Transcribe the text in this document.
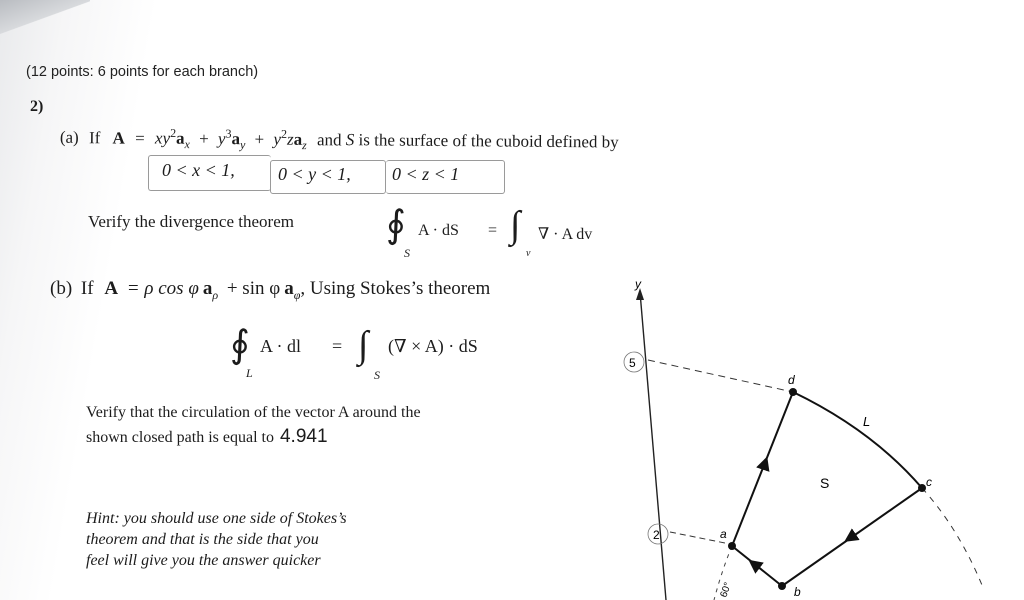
(12 points: 6 points for each branch)
2)
(a) If $A = xy^2a_x + y^3a_y + y^2za_z$ and S is the surface of the cuboid defined by
0 < x < 1, 0 < y < 1, 0 < z < 1
Verify the divergence theorem ∮
S
A · dS = ∫
v
∇ · A dv
(b) If A = ρ cos φ $a_\rho + \sin \varphi$ $a_\varphi$, Using Stokes’s theorem
∮
L
A · dl = ∫
S
(∇ × A) · dS
Verify that the circulation of the vector A around the
shown closed path is equal to 4.941
Hint: you should use one side of Stokes’s
theorem and that is the side that you
feel will give you the answer quicker
y
5
2	a
b
c
d
L
S
60°
